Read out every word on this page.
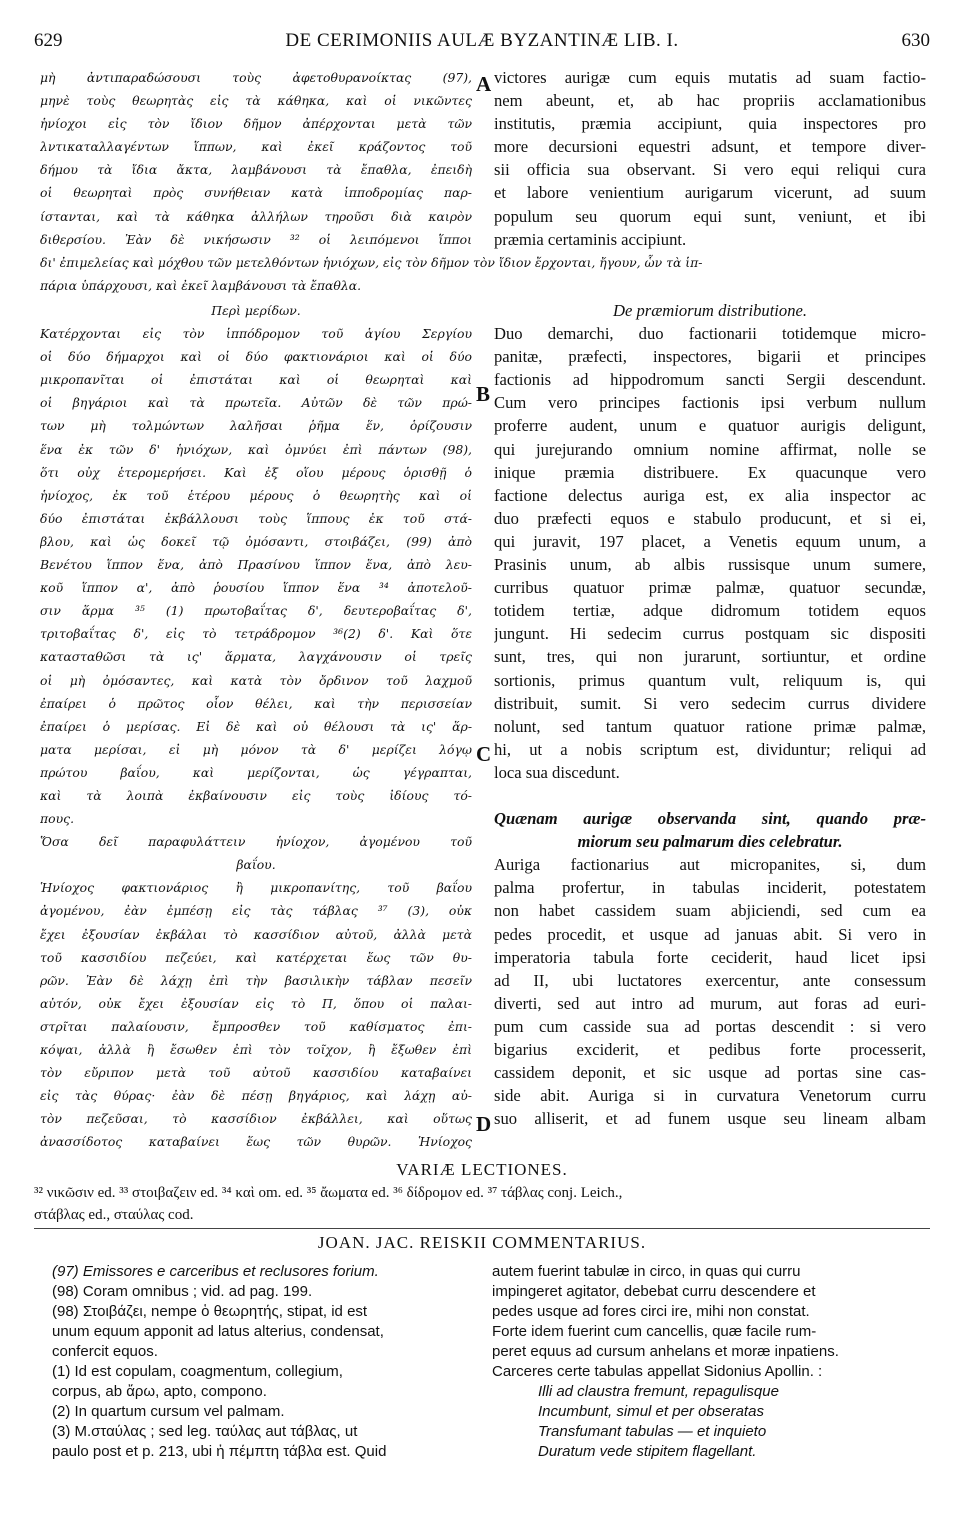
629	DE CERIMONIIS AULÆ BYZANTINÆ LIB. I.	630
A
B
C
D
μὴ ἀντιπαραδώσουσι τοὺς ἀφετοθυρανοίκτας (97),
μηνὲ τοὺς θεωρητὰς εἰς τὰ κάθηκα, καὶ οἱ νικῶντες
ἡνίοχοι εἰς τὸν ἴδιον δῆμον ἀπέρχονται μετὰ τῶν
λντικαταλλαγέντων ἵππων, καὶ ἐκεῖ κράζοντος τοῦ
δήμου τὰ ἴδια ἄκτα, λαμβάνουσι τὰ ἔπαθλα, ἐπειδὴ
οἱ θεωρηταὶ πρὸς συνήθειαν κατὰ ἱπποδρομίας παρ-
ίστανται, καὶ τὰ κάθηκα ἀλλήλων τηροῦσι διὰ καιρὸν
διθερσίου. Ἐὰν δὲ νικήσωσιν ³² οἱ λειπόμενοι ἵπποι
victores aurigæ cum equis mutatis ad suam factio-
nem abeunt, et, ab hac propriis acclamationibus
institutis, præmia accipiunt, quia inspectores pro
more decursioni equestri adsunt, et tempore diver-
sii officia sua observant. Si vero equi reliqui cura
et labore venientium aurigarum vicerunt, ad suum
populum seu quorum equi sunt, veniunt, et ibi
præmia certaminis accipiunt.
δι' ἐπιμελείας καὶ μόχθου τῶν μετελθόντων ἡνιόχων, εἰς τὸν δῆμον τὸν ἴδιον ἔρχονται, ἤγουν, ὧν τὰ ἱπ-
πάρια ὑπάρχουσι, καὶ ἐκεῖ λαμβάνουσι τὰ ἔπαθλα.
Περὶ μερίδων.
Κατέρχονται εἰς τὸν ἱππόδρομον τοῦ ἁγίου Σεργίου
οἱ δύο δήμαρχοι καὶ οἱ δύο φακτιονάριοι καὶ οἱ δύο
μικροπανῖται οἱ ἐπιστάται καὶ οἱ θεωρηταὶ καὶ
οἱ βηγάριοι καὶ τὰ πρωτεῖα. Αὐτῶν δὲ τῶν πρώ-
των μὴ τολμώντων λαλῆσαι ῥῆμα ἕν, ὁρίζουσιν
ἕνα ἐκ τῶν δ' ἡνιόχων, καὶ ὀμνύει ἐπὶ πάντων (98),
ὅτι οὐχ ἑτερομερήσει. Καὶ ἐξ οἵου μέρους ὁρισθῇ ὁ
ἡνίοχος, ἐκ τοῦ ἑτέρου μέρους ὁ θεωρητὴς καὶ οἱ
δύο ἐπιστάται ἐκβάλλουσι τοὺς ἵππους ἐκ τοῦ στά-
βλου, καὶ ὡς δοκεῖ τῷ ὀμόσαντι, στοιβάζει, (99) ἀπὸ
Βενέτου ἵππον ἕνα, ἀπὸ Πρασίνου ἵππον ἕνα, ἀπὸ λευ-
κοῦ ἵππον α', ἀπὸ ῥουσίου ἵππον ἕνα ³⁴ ἀποτελοῦ-
σιν ἅρμα ³⁵ (1) πρωτοβαΐτας δ', δευτεροβαΐτας δ',
τριτοβαΐτας δ', εἰς τὸ τετράδρομον ³⁶(2) δ'. Καὶ ὅτε
κατασταθῶσι τὰ ις' ἅρματα, λαγχάνουσιν οἱ τρεῖς
οἱ μὴ ὀμόσαντες, καὶ κατὰ τὸν ὄρδινον τοῦ λαχμοῦ
ἐπαίρει ὁ πρῶτος οἷον θέλει, καὶ τὴν περισσείαν
ἐπαίρει ὁ μερίσας. Εἰ δὲ καὶ οὐ θέλουσι τὰ ις' ἅρ-
ματα μερίσαι, εἰ μὴ μόνον τὰ δ' μερίζει λόγῳ
πρώτου βαΐου, καὶ μερίζονται, ὡς γέγραπται,
καὶ τὰ λοιπὰ ἐκβαίνουσιν εἰς τοὺς ἰδίους τό-
πους.
Ὅσα δεῖ παραφυλάττειν ἡνίοχον, ἀγομένου τοῦ
βαΐου.
Ἡνίοχος φακτιονάριος ἢ μικροπανίτης, τοῦ βαΐου
ἀγομένου, ἐὰν ἐμπέσῃ εἰς τὰς τάβλας ³⁷ (3), οὐκ
ἔχει ἐξουσίαν ἐκβάλαι τὸ κασσίδιον αὐτοῦ, ἀλλὰ μετὰ
τοῦ κασσιδίου πεζεύει, καὶ κατέρχεται ἕως τῶν θυ-
ρῶν. Ἐὰν δὲ λάχῃ ἐπὶ τὴν βασιλικὴν τάβλαν πεσεῖν
αὐτόν, οὐκ ἔχει ἐξουσίαν εἰς τὸ Π, ὅπου οἱ παλαι-
στρῖται παλαίουσιν, ἔμπροσθεν τοῦ καθίσματος ἐπι-
κόψαι, ἀλλὰ ἢ ἔσωθεν ἐπὶ τὸν τοῖχον, ἢ ἔξωθεν ἐπὶ
τὸν εὔριπον μετὰ τοῦ αὐτοῦ κασσιδίου καταβαίνει
εἰς τὰς θύρας· ἐὰν δὲ πέσῃ βηγάριος, καὶ λάχῃ αὐ-
τὸν πεζεῦσαι, τὸ κασσίδιον ἐκβάλλει, καὶ οὕτως
ἀνασσίδοτος καταβαίνει ἕως τῶν θυρῶν. Ἡνίοχος
De præmiorum distributione.
Duo demarchi, duo factionarii totidemque micro-
panitæ, præfecti, inspectores, bigarii et principes
factionis ad hippodromum sancti Sergii descendunt.
Cum vero principes factionis ipsi verbum nullum
proferre audent, unum e quatuor aurigis deligunt,
qui jurejurando omnium nomine affirmat, nolle se
inique præmia distribuere. Ex quacunque vero
factione delectus auriga est, ex alia inspector ac
duo præfecti equos e stabulo producunt, et si ei,
qui juravit, 197 placet, a Venetis equum unum, a
Prasinis unum, ab albis russisque unum sumere,
curribus quatuor primæ palmæ, quatuor secundæ,
totidem tertiæ, adque didromum totidem equos
jungunt. Hi sedecim currus postquam sic dispositi
sunt, tres, qui non jurarunt, sortiuntur, et ordine
sortionis, primus quantum vult, reliquum is, qui
distribuit, sumit. Si vero sedecim currus dividere
nolunt, sed tantum quatuor ratione primæ palmæ,
hi, ut a nobis scriptum est, dividuntur; reliqui ad
loca sua discedunt.
Quænam aurigæ observanda sint, quando præ-
miorum seu palmarum dies celebratur.
Auriga factionarius aut micropanites, si, dum
palma profertur, in tabulas inciderit, potestatem
non habet cassidem suam abjiciendi, sed cum ea
pedes procedit, et usque ad januas abit. Si vero in
imperatoria tabula forte ceciderit, haud licet ipsi
ad II, ubi luctatores exercentur, ante consessum
diverti, sed aut intro ad murum, aut foras ad euri-
pum cum casside sua ad portas descendit : si vero
bigarius exciderit, et pedibus forte processerit,
cassidem deponit, et sic usque ad portas sine cas-
side abit. Auriga si in curvatura Venetorum curru
suo alliserit, et ad funem usque seu lineam albam
VARIÆ LECTIONES.
³² νικῶσιν ed. ³³ στοιβαζειν ed. ³⁴ καὶ om. ed. ³⁵ ἄωματα ed. ³⁶ δίδρομον ed. ³⁷ τάβλας conj. Leich.,
στάβλας ed., σταύλας cod.
JOAN. JAC. REISKII COMMENTARIUS.
(97) Emissores e carceribus et reclusores forium.
(98) Coram omnibus ; vid. ad pag. 199.
(98) Στοιβάζει, nempe ὁ θεωρητής, stipat, id est
unum equum apponit ad latus alterius, condensat,
confercit equos.
(1) Id est copulam, coagmentum, collegium,
corpus, ab ἄρω, apto, compono.
(2) In quartum cursum vel palmam.
(3) M.σταύλας ; sed leg. ταύλας aut τάβλας, ut
paulo post et p. 213, ubi ἡ πέμπτη τάβλα est. Quid
autem fuerint tabulæ in circo, in quas qui curru
impingeret agitator, debebat curru descendere et
pedes usque ad fores circi ire, mihi non constat.
Forte idem fuerint cum cancellis, quæ facile rum-
peret equus ad cursum anhelans et moræ inpatiens.
Carceres certe tabulas appellat Sidonius Apollin. :
Illi ad claustra fremunt, repagulisque
Incumbunt, simul et per obseratas
Transfumant tabulas — et inquieto
Duratum vede stipitem flagellant.
